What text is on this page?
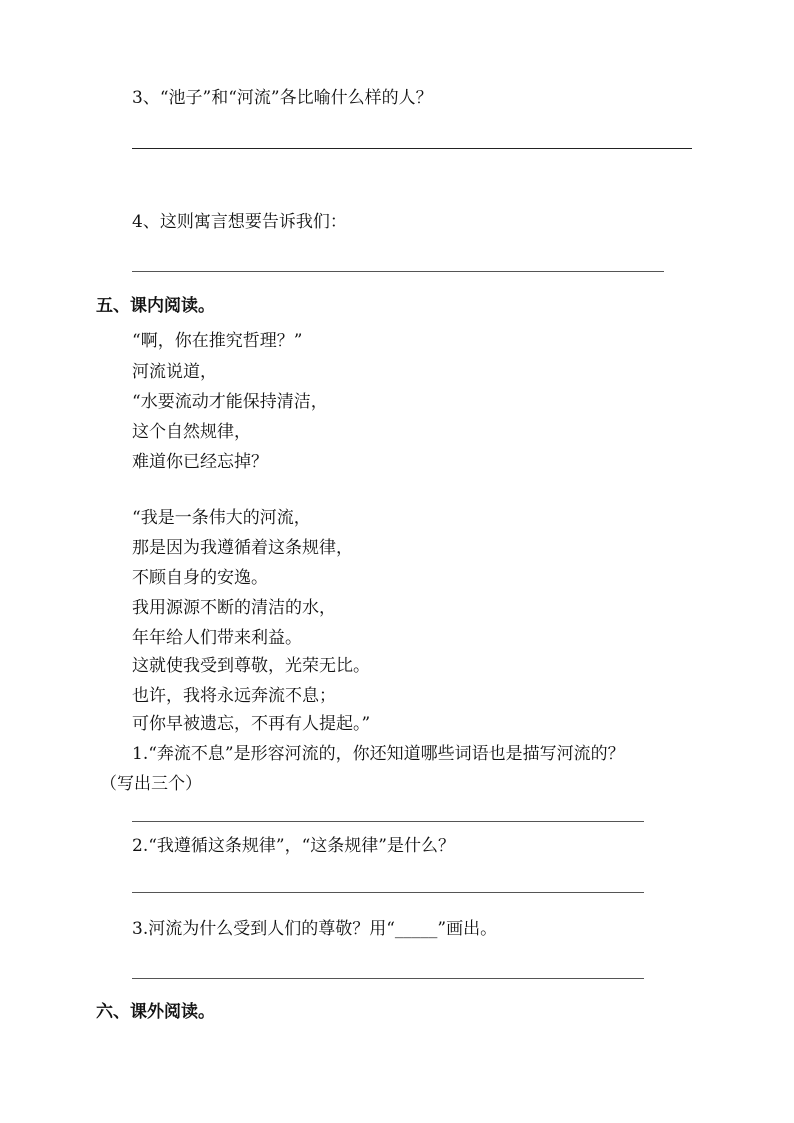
3、“池子”和“河流”各比喻什么样的人？
4、这则寓言想要告诉我们：
五、课内阅读。
“啊，你在推究哲理？”
河流说道，
“水要流动才能保持清洁，
这个自然规律，
难道你已经忘掉？
“我是一条伟大的河流，
那是因为我遵循着这条规律，
不顾自身的安逸。
我用源源不断的清洁的水，
年年给人们带来利益。
这就使我受到尊敬，光荣无比。
也许，我将永远奔流不息；
可你早被遗忘，不再有人提起。”
1.“奔流不息”是形容河流的，你还知道哪些词语也是描写河流的？
（写出三个）
2.“我遵循这条规律”，“这条规律”是什么？
3.河流为什么受到人们的尊敬？用“_____”画出。
六、课外阅读。
